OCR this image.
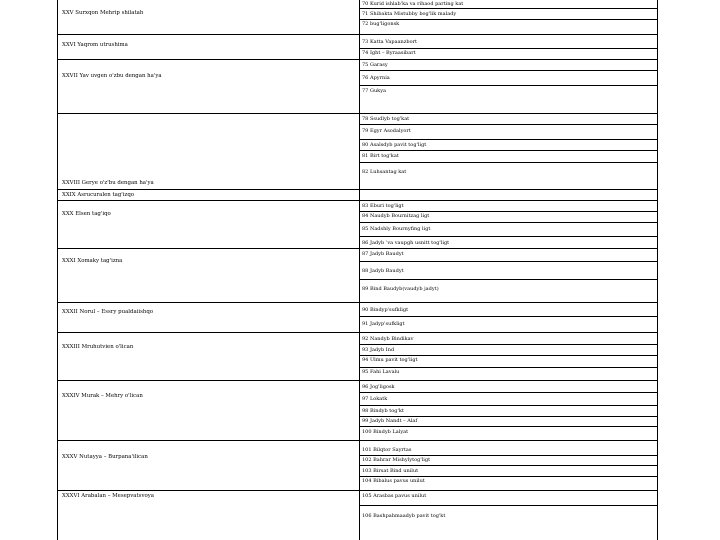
XXV Surxqon Mehrip shilatah
XXVI Yaqrom utrushima
XXVII Yav uvgen o'zbu dengan ha'ya
XXVIII Gerye o'z'bu dengan ha'ya
XXIX Asrucuralen tag'izqo
XXX Elsen tag'iqo
XXXI Xomaky tag'izna
XXXII Norul – Essry pualdaiishqo
XXXIII Mruhutvien o'lican
XXXIV Murak – Mehry o'lican
XXXV Nutayya – Burpana'ilican
XXXVI Arabalan – Mesepvatsvoya
70 Kurid ishlab'ka va rihaod parting kat
71 Shibakta Mistubby bog'lik malady
72 bug'ligonsk
73 Katta Vapaanzbort
74 Ight – Byraasibart
75 Garasy
76 Apyrnia
77 Gukya
78 Ssudlyb tog'kat
79 Egyr Asodalyort
80 Asalsdyb pavit tog'ligt
81 Birt tog'kat
82 Luhsantag kat
83 Eburi tog'ligt
84 Naudyb Bournitzag ligt
85 Nadshly Bournyfing ligt
86 Jadyb ‘va vaupgh usnitt tog'ligt
87 Jadyb Baudyt
88 Jadyb Baudyt
89 Bind Baudyb(vaudyb jadyt)
90 Bindyp'sufkligt
91 Jadyp'sufkligt
92 Nandyb Bindikav
93 Jadyb Ind
94 Ulmu pavit tog'ligt
95 Fahi Lavalu
96 Jog'ligosk
97 Lokatk
98 Bindyb tog'kt
99 Jadyb Nandt – Alaf
100 Bindyb Lalyat
101 Bilqtor Sayrtas
102 Bahrar Mishylytog'ligt
103 Birsat Bind unilut
104 Bibalus pavus unilut
105 Arasbas pavus unilut
106 Bashpahmaadyb pavit tog'kt
